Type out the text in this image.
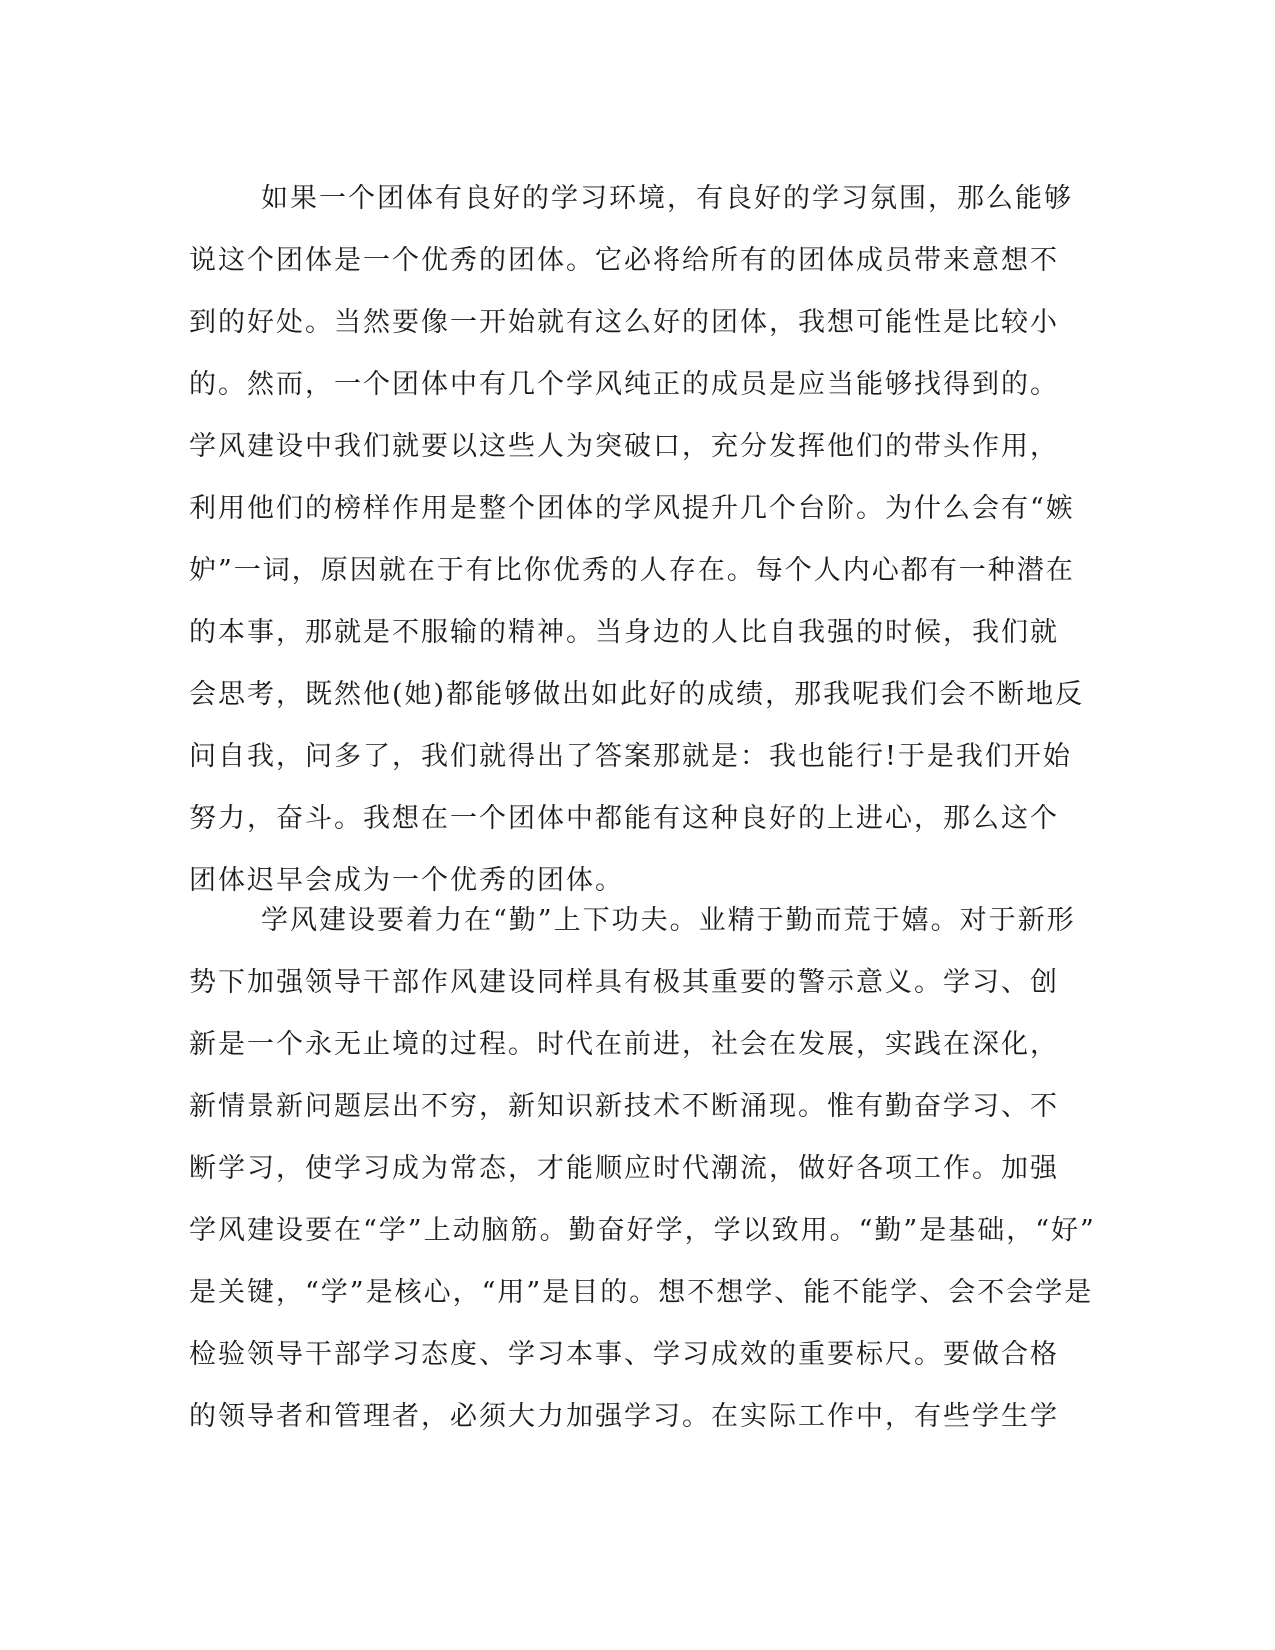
如果一个团体有良好的学习环境，有良好的学习氛围，那么能够
说这个团体是一个优秀的团体。它必将给所有的团体成员带来意想不
到的好处。当然要像一开始就有这么好的团体，我想可能性是比较小
的。然而，一个团体中有几个学风纯正的成员是应当能够找得到的。
学风建设中我们就要以这些人为突破口，充分发挥他们的带头作用，
利用他们的榜样作用是整个团体的学风提升几个台阶。为什么会有“嫉
妒”一词，原因就在于有比你优秀的人存在。每个人内心都有一种潜在
的本事，那就是不服输的精神。当身边的人比自我强的时候，我们就
会思考，既然他(她)都能够做出如此好的成绩，那我呢我们会不断地反
问自我，问多了，我们就得出了答案那就是：我也能行!于是我们开始
努力，奋斗。我想在一个团体中都能有这种良好的上进心，那么这个
团体迟早会成为一个优秀的团体。
学风建设要着力在“勤”上下功夫。业精于勤而荒于嬉。对于新形
势下加强领导干部作风建设同样具有极其重要的警示意义。学习、创
新是一个永无止境的过程。时代在前进，社会在发展，实践在深化，
新情景新问题层出不穷，新知识新技术不断涌现。惟有勤奋学习、不
断学习，使学习成为常态，才能顺应时代潮流，做好各项工作。加强
学风建设要在“学”上动脑筋。勤奋好学，学以致用。“勤”是基础，“好”
是关键，“学”是核心，“用”是目的。想不想学、能不能学、会不会学是
检验领导干部学习态度、学习本事、学习成效的重要标尺。要做合格
的领导者和管理者，必须大力加强学习。在实际工作中，有些学生学
